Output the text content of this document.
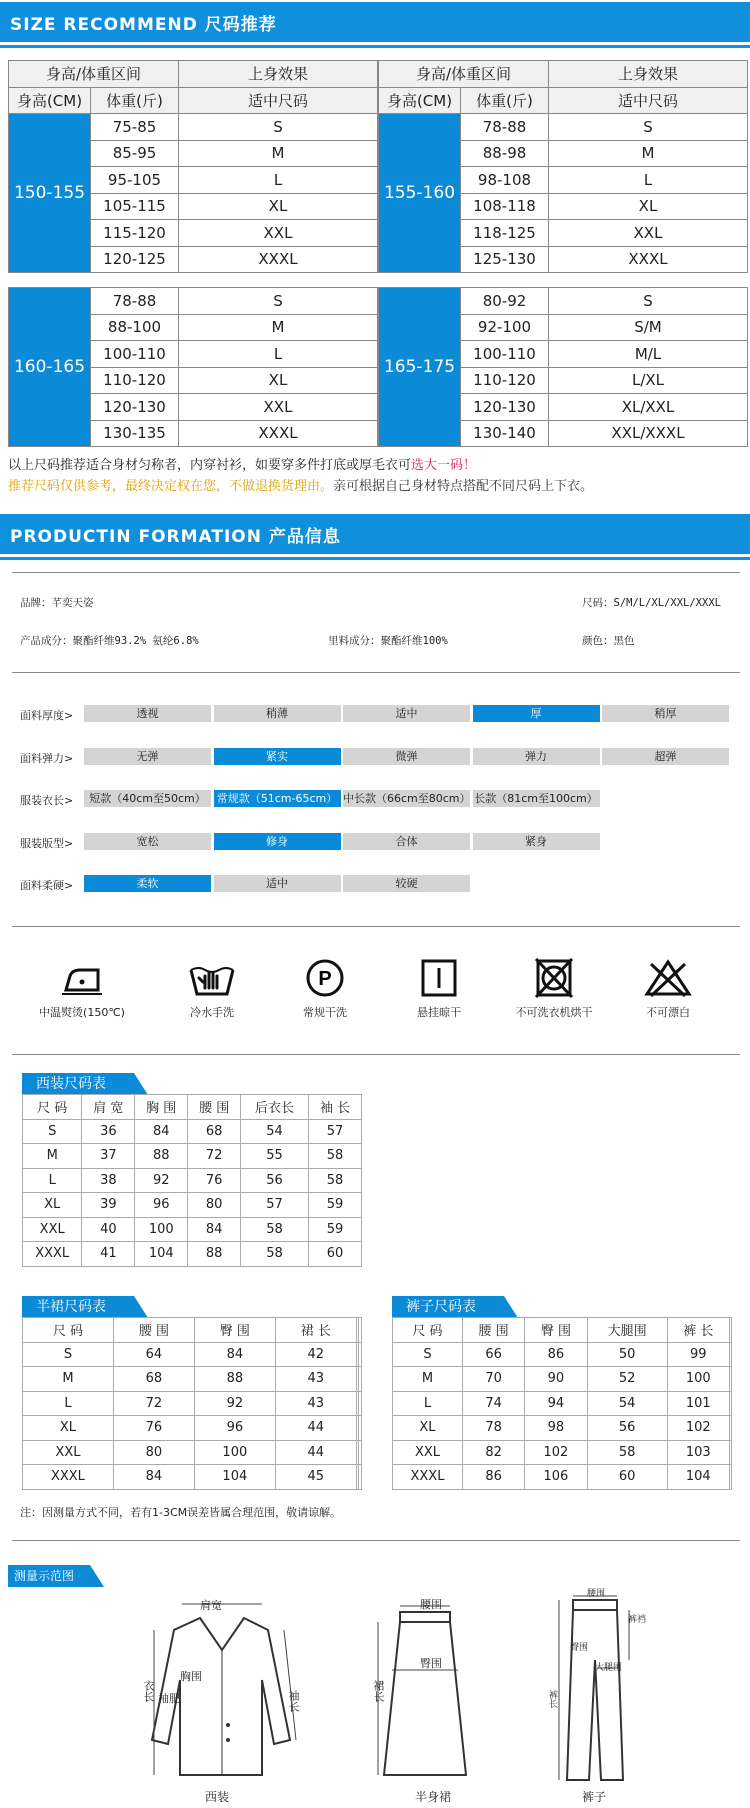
SIZE RECOMMEND 尺码推荐
身高/体重区间		上身效果
身高(CM)	体重(斤)	适中尺码
150-155	75-85	S
	85-95	M
	95-105	L
	105-115	XL
	115-120	XXL
	120-125	XXXL
身高/体重区间		上身效果
身高(CM)	体重(斤)	适中尺码
155-160	78-88	S
	88-98	M
	98-108	L
	108-118	XL
	118-125	XXL
	125-130	XXXL
160-165	78-88	S
	88-100	M
	100-110	L
	110-120	XL
	120-130	XXL
	130-135	XXXL
165-175	80-92	S
	92-100	S/M
	100-110	M/L
	110-120	L/XL
	120-130	XL/XXL
	130-140	XXL/XXXL
以上尺码推荐适合身材匀称者，内穿衬衫，如要穿多件打底或厚毛衣可选大一码！
推荐尺码仅供参考，最终决定权在您，不做退换货理由。亲可根据自己身材特点搭配不同尺码上下衣。
PRODUCTIN FORMATION 产品信息
品牌：芊奕天姿	尺码：S/M/L/XL/XXL/XXXL
产品成分：聚酯纤维93.2% 氨纶6.8%	里料成分：聚酯纤维100%	颜色：黑色
面料厚度>	透视	稍薄	适中	厚	稍厚
面料弹力>	无弹	紧实	微弹	弹力	超弹
服装衣长>	短款（40cm至50cm） 常规款（51cm-65cm） 中长款（66cm至80cm） 长款（81cm至100cm）
服装版型>	宽松	修身	合体	紧身
面料柔硬>	柔软	适中	较硬
中温熨烫(150℃)	冷水手洗
P
常规干洗	悬挂晾干	不可洗衣机烘干	不可漂白
西装尺码表
尺 码	肩 宽	胸 围	腰 围	后衣长	袖 长
S	36	84	68	54	57
M	37	88	72	55	58
L	38	92	76	56	58
XL	39	96	80	57	59
XXL	40	100	84	58	59
XXXL	41	104	88	58	60
半裙尺码表
尺 码	腰 围	臀 围	裙 长		
S	64	84	42		
M	68	88	43		
L	72	92	43		
XL	76	96	44		
XXL	80	100	44		
XXXL	84	104	45		
裤子尺码表
尺 码	腰 围	臀 围	大腿围	裤 长	
S	66	86	50	99	
M	70	90	52	100	
L	74	94	54	101	
XL	78	98	56	102	
XXL	82	102	58	103	
XXXL	86	106	60	104	
注：因测量方式不同，若有1-3CM误差皆属合理范围，敬请谅解。
测量示范图
肩宽
胸围
袖肥
衣长	袖长
西装
腰围
臀围
裙长
半身裙
腰围
臀围
大腿围
裤裆
裤长
裤子
